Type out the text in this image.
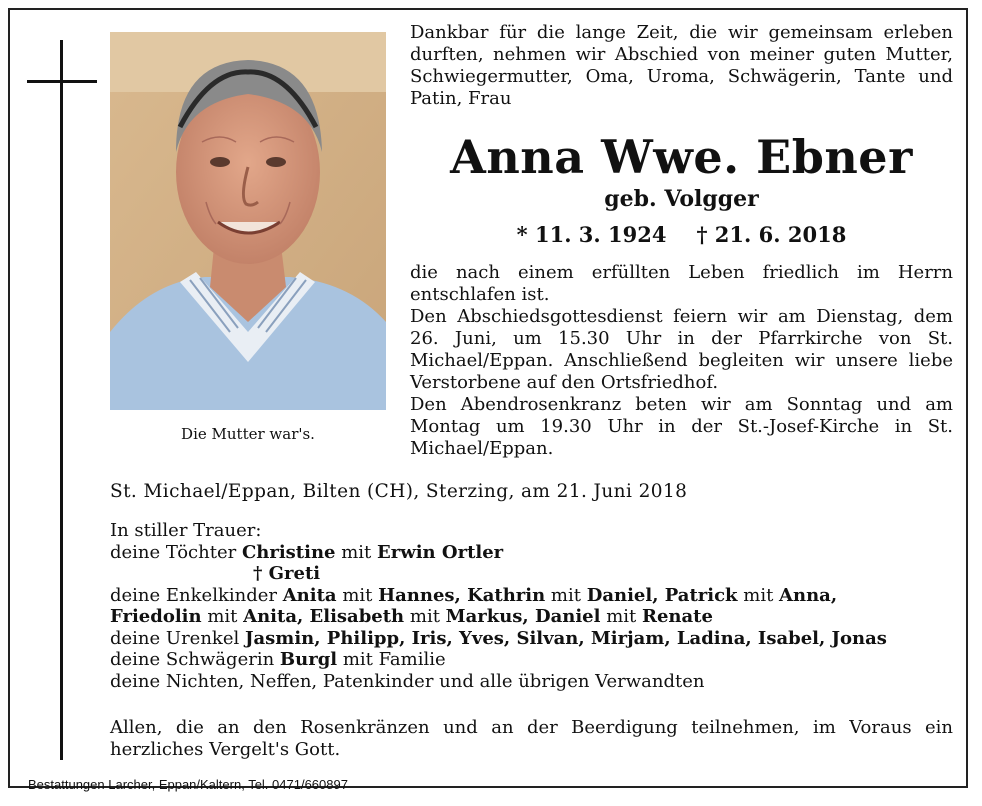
Die Mutter war's.
Dankbar für die lange Zeit, die wir gemeinsam erleben durften, nehmen wir Abschied von meiner guten Mutter, Schwiegermutter, Oma, Uroma, Schwägerin, Tante und Patin, Frau
Anna Wwe. Ebner
geb. Volgger
* 11. 3. 1924 † 21. 6. 2018

die nach einem erfüllten Leben friedlich im Herrn entschlafen ist.

Den Abschiedsgottesdienst feiern wir am Dienstag, dem 26. Juni, um 15.30 Uhr in der Pfarrkirche von St. Michael/Eppan. Anschließend begleiten wir unsere liebe Verstorbene auf den Ortsfriedhof.

Den Abendrosenkranz beten wir am Sonntag und am Montag um 19.30 Uhr in der St.-Josef-Kirche in St. Michael/Eppan.

St. Michael/Eppan, Bilten (CH), Sterzing, am 21. Juni 2018
In stiller Trauer:
deine Töchter Christine mit Erwin Ortler
† Greti
deine Enkelkinder Anita mit Hannes, Kathrin mit Daniel, Patrick mit Anna,
Friedolin mit Anita, Elisabeth mit Markus, Daniel mit Renate
deine Urenkel Jasmin, Philipp, Iris, Yves, Silvan, Mirjam, Ladina, Isabel, Jonas
deine Schwägerin Burgl mit Familie
deine Nichten, Neffen, Patenkinder und alle übrigen Verwandten
Allen, die an den Rosenkränzen und an der Beerdigung teilnehmen, im Voraus ein herzliches Vergelt's Gott.
Bestattungen Larcher, Eppan/Kaltern, Tel. 0471/660897
